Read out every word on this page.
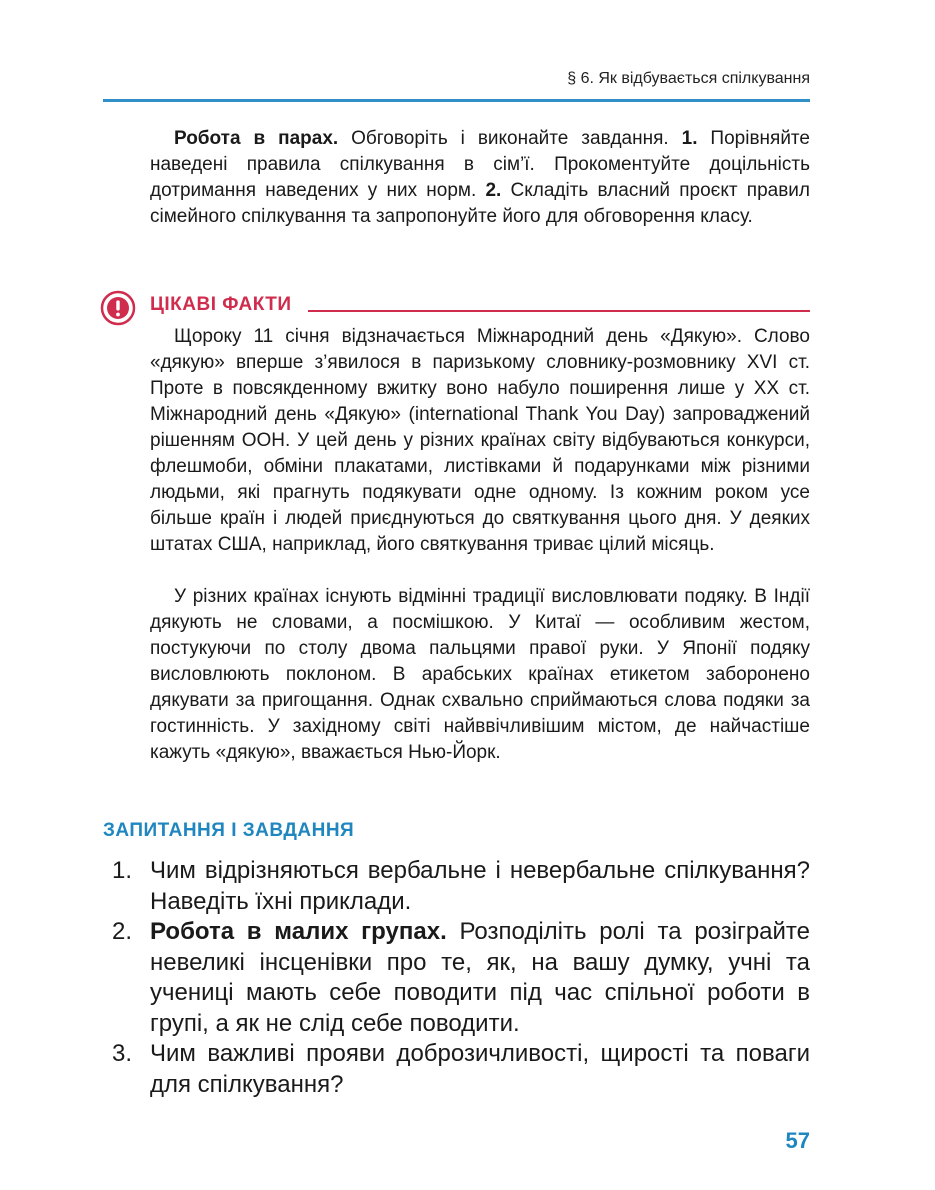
§ 6. Як відбувається спілкування
Робота в парах. Обговоріть і виконайте завдання. 1. Порівняйте наведені правила спілкування в сім’ї. Прокоментуйте доцільність дотримання наведених у них норм. 2. Складіть власний проєкт правил сімейного спілкування та запропонуйте його для обговорення класу.
ЦІКАВІ ФАКТИ
Щороку 11 січня відзначається Міжнародний день «Дякую». Слово «дякую» вперше з’явилося в паризькому словнику-розмовнику XVI ст. Проте в повсякденному вжитку воно набуло поширення лише у XX ст. Міжнародний день «Дякую» (international Thank You Day) запроваджений рішенням ООН. У цей день у різних країнах світу відбуваються конкурси, флешмоби, обміни плакатами, листівками й подарунками між різними людьми, які прагнуть подякувати одне одному. Із кожним роком усе більше країн і людей приєднуються до святкування цього дня. У деяких штатах США, наприклад, його святкування триває цілий місяць.
У різних країнах існують відмінні традиції висловлювати подяку. В Індії дякують не словами, а посмішкою. У Китаї — особливим жестом, постукуючи по столу двома пальцями правої руки. У Японії подяку висловлюють поклоном. В арабських країнах етикетом заборонено дякувати за пригощання. Однак схвально сприймаються слова подяки за гостинність. У західному світі найввічливішим містом, де найчастіше кажуть «дякую», вважається Нью-Йорк.
ЗАПИТАННЯ І ЗАВДАННЯ
1. Чим відрізняються вербальне і невербальне спілкування? Наведіть їхні приклади.
2. Робота в малих групах. Розподіліть ролі та розіграйте невеликі інсценівки про те, як, на вашу думку, учні та учениці мають себе поводити під час спільної роботи в групі, а як не слід себе поводити.
3. Чим важливі прояви доброзичливості, щирості та поваги для спілкування?
57
